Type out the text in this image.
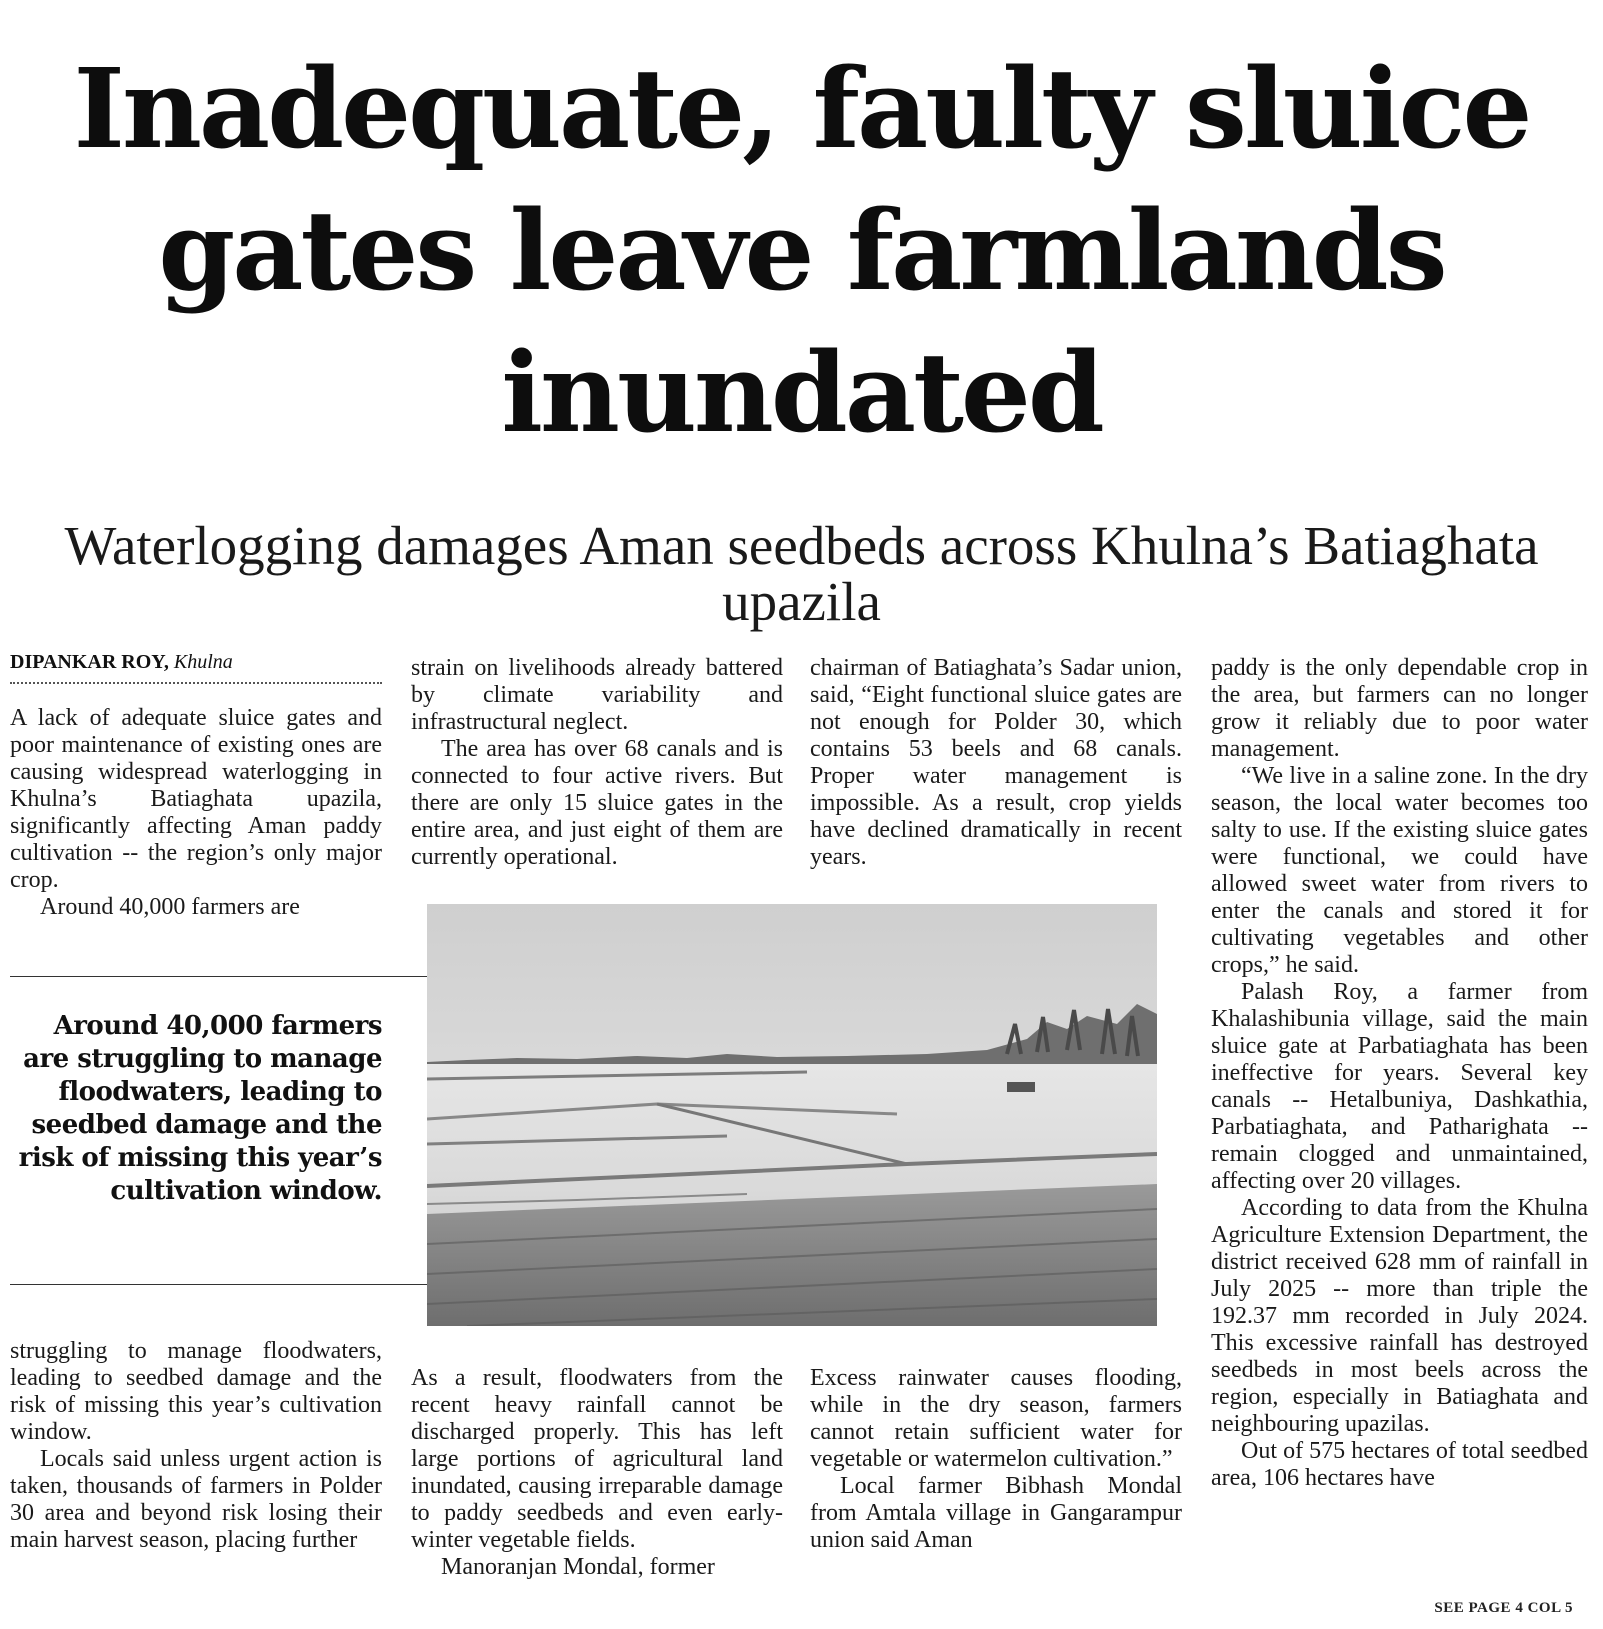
Inadequate, faulty sluice gates leave farmlands inundated
Waterlogging damages Aman seedbeds across Khulna’s Batiaghata upazila
DIPANKAR ROY, Khulna

A lack of adequate sluice gates and poor maintenance of existing ones are causing widespread waterlogging in Khulna’s Batiaghata upazila, significantly affecting Aman paddy cultivation -- the region’s only major crop.

Around 40,000 farmers are

Around 40,000 farmers are struggling to manage floodwaters, leading to seedbed damage and the risk of missing this year’s cultivation window.

struggling to manage floodwaters, leading to seedbed damage and the risk of missing this year’s cultivation window.

Locals said unless urgent action is taken, thousands of farmers in Polder 30 area and beyond risk losing their main harvest season, placing further

strain on livelihoods already battered by climate variability and infrastructural neglect.

The area has over 68 canals and is connected to four active rivers. But there are only 15 sluice gates in the entire area, and just eight of them are currently operational.

chairman of Batiaghata’s Sadar union, said, “Eight functional sluice gates are not enough for Polder 30, which contains 53 beels and 68 canals. Proper water management is impossible. As a result, crop yields have declined dramatically in recent years.

As a result, floodwaters from the recent heavy rainfall cannot be discharged properly. This has left large portions of agricultural land inundated, causing irreparable damage to paddy seedbeds and even early-winter vegetable fields.

Manoranjan Mondal, former

Excess rainwater causes flooding, while in the dry season, farmers cannot retain sufficient water for vegetable or watermelon cultivation.”

Local farmer Bibhash Mondal from Amtala village in Gangarampur union said Aman

paddy is the only dependable crop in the area, but farmers can no longer grow it reliably due to poor water management.

“We live in a saline zone. In the dry season, the local water becomes too salty to use. If the existing sluice gates were functional, we could have allowed sweet water from rivers to enter the canals and stored it for cultivating vegetables and other crops,” he said.

Palash Roy, a farmer from Khalashibunia village, said the main sluice gate at Parbatiaghata has been ineffective for years. Several key canals -- Hetalbuniya, Dashkathia, Parbatiaghata, and Patharighata -- remain clogged and unmaintained, affecting over 20 villages.

According to data from the Khulna Agriculture Extension Department, the district received 628 mm of rainfall in July 2025 -- more than triple the 192.37 mm recorded in July 2024. This excessive rainfall has destroyed seedbeds in most beels across the region, especially in Batiaghata and neighbouring upazilas.

Out of 575 hectares of total seedbed area, 106 hectares have

SEE PAGE 4 COL 5
